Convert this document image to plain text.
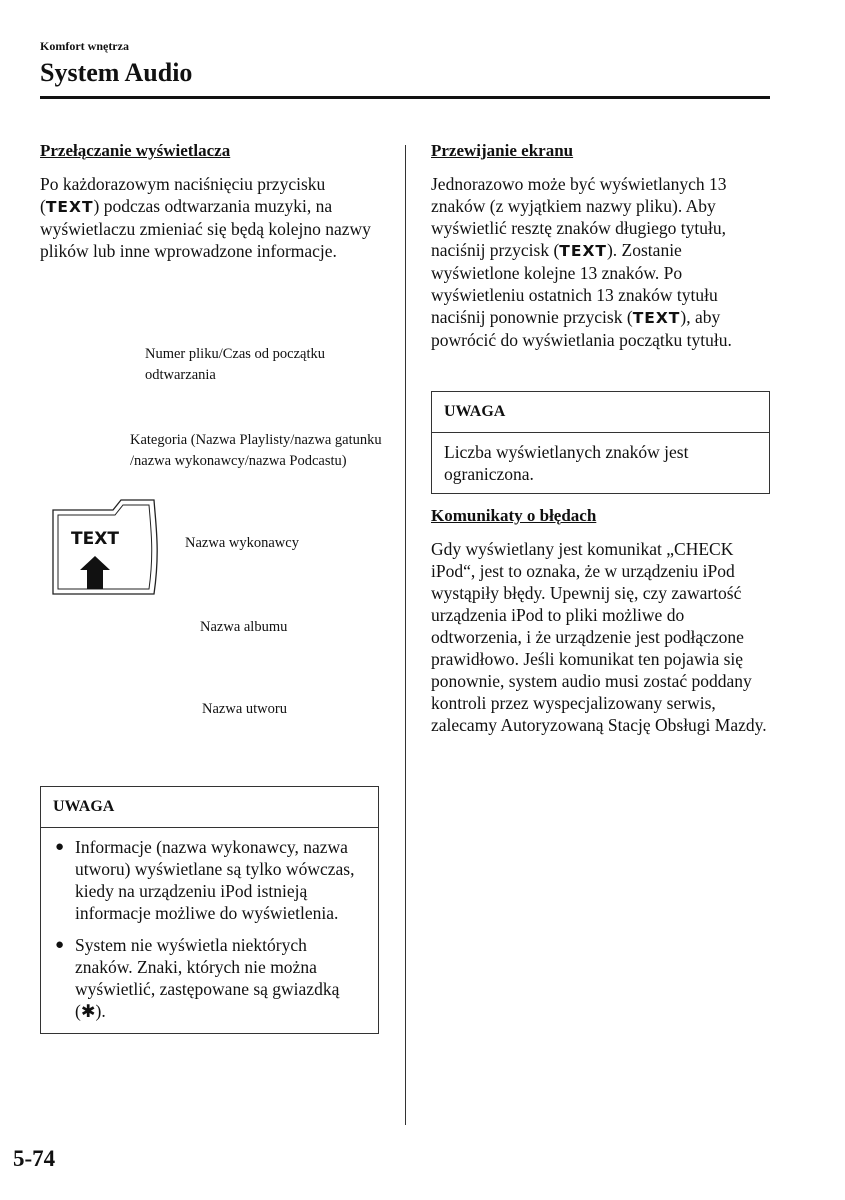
Komfort wnętrza
System Audio
Przełączanie wyświetlacza
Po każdorazowym naciśnięciu przycisku (TEXT) podczas odtwarzania muzyki, na wyświetlaczu zmieniać się będą kolejno nazwy plików lub inne wprowadzone informacje.
TEXT
Numer pliku/Czas od początku odtwarzania
Kategoria (Nazwa Playlisty/nazwa gatunku /nazwa wykonawcy/nazwa Podcastu)
Nazwa wykonawcy
Nazwa albumu
Nazwa utworu
UWAGA
● Informacje (nazwa wykonawcy, nazwa utworu) wyświetlane są tylko wówczas, kiedy na urządzeniu iPod istnieją informacje możliwe do wyświetlenia.
● System nie wyświetla niektórych znaków. Znaki, których nie można wyświetlić, zastępowane są gwiazdką (✱).
Przewijanie ekranu
Jednorazowo może być wyświetlanych 13 znaków (z wyjątkiem nazwy pliku). Aby wyświetlić resztę znaków długiego tytułu, naciśnij przycisk (TEXT). Zostanie wyświetlone kolejne 13 znaków. Po wyświetleniu ostatnich 13 znaków tytułu naciśnij ponownie przycisk (TEXT), aby powrócić do wyświetlania początku tytułu.
UWAGA
Liczba wyświetlanych znaków jest ograniczona.
Komunikaty o błędach
Gdy wyświetlany jest komunikat „CHECK iPod“, jest to oznaka, że w urządzeniu iPod wystąpiły błędy. Upewnij się, czy zawartość urządzenia iPod to pliki możliwe do odtworzenia, i że urządzenie jest podłączone prawidłowo. Jeśli komunikat ten pojawia się ponownie, system audio musi zostać poddany kontroli przez wyspecjalizowany serwis, zalecamy Autoryzowaną Stację Obsługi Mazdy.
5-74
